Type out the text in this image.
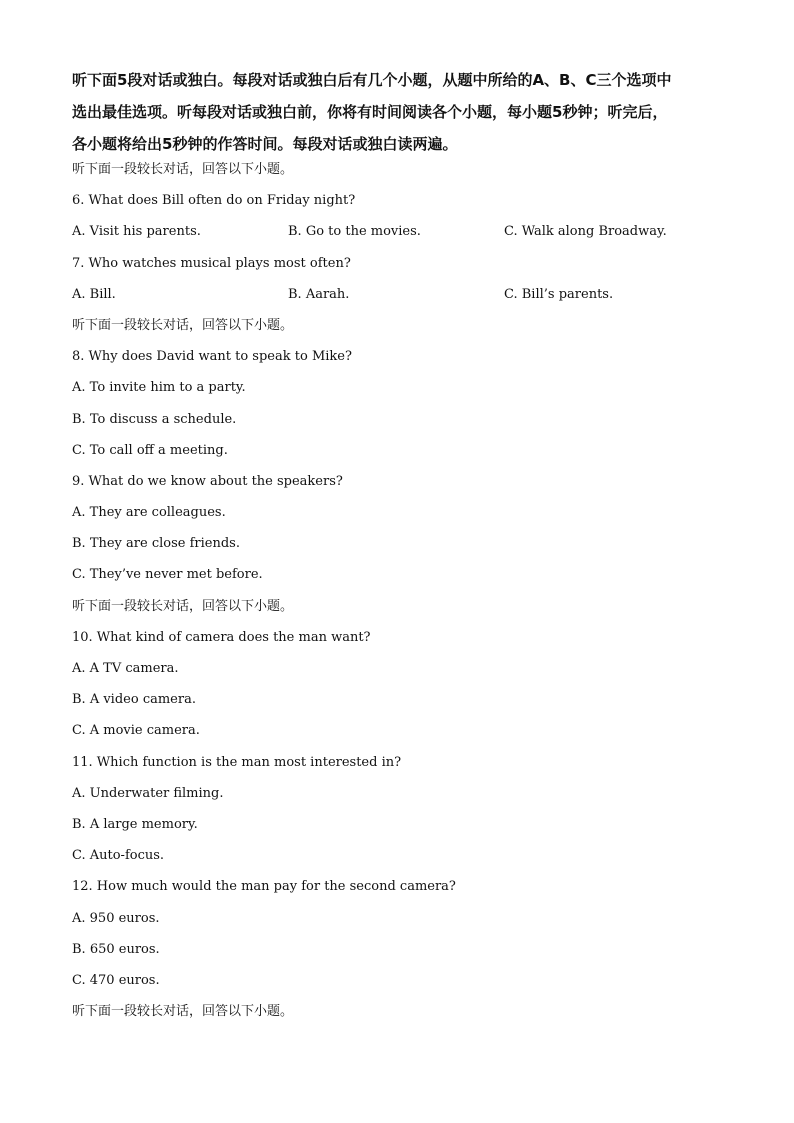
听下面5段对话或独白。每段对话或独白后有几个小题，从题中所给的A、B、C三个选项中
选出最佳选项。听每段对话或独白前，你将有时间阅读各个小题，每小题5秒钟；听完后，
各小题将给出5秒钟的作答时间。每段对话或独白读两遍。

听下面一段较长对话，回答以下小题。

6. What does Bill often do on Friday night?

A. Visit his parents.	B. Go to the movies.	C. Walk along Broadway.

7. Who watches musical plays most often?

A. Bill.	B. Aarah.	C. Bill’s parents.

听下面一段较长对话，回答以下小题。

8. Why does David want to speak to Mike?

A. To invite him to a party.

B. To discuss a schedule.

C. To call off a meeting.

9. What do we know about the speakers?

A. They are colleagues.

B. They are close friends.

C. They’ve never met before.

听下面一段较长对话，回答以下小题。

10. What kind of camera does the man want?

A. A TV camera.

B. A video camera.

C. A movie camera.

11. Which function is the man most interested in?

A. Underwater filming.

B. A large memory.

C. Auto-focus.

12. How much would the man pay for the second camera?

A. 950 euros.

B. 650 euros.

C. 470 euros.

听下面一段较长对话，回答以下小题。
